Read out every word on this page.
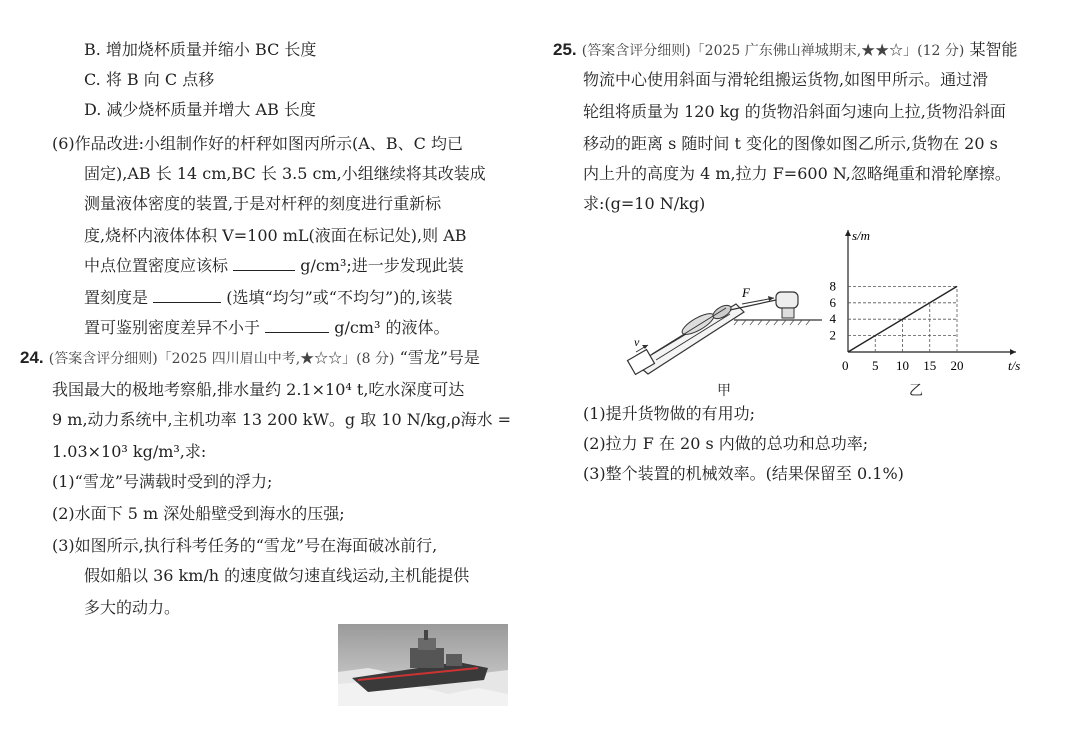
B. 增加烧杯质量并缩小 BC 长度
C. 将 B 向 C 点移
D. 减少烧杯质量并增大 AB 长度
(6)作品改进:小组制作好的杆秤如图丙所示(A、B、C 均已
固定),AB 长 14 cm,BC 长 3.5 cm,小组继续将其改装成
测量液体密度的装置,于是对杆秤的刻度进行重新标
度,烧杯内液体体积 V=100 mL(液面在标记处),则 AB
中点位置密度应该标	g/cm³;进一步发现此装
置刻度是	(选填“均匀”或“不均匀”)的,该装
置可鉴别密度差异不小于	g/cm³ 的液体。
24. (答案含评分细则)「2025 四川眉山中考,★☆☆」(8 分) “雪龙”号是
我国最大的极地考察船,排水量约 2.1×10⁴ t,吃水深度可达
9 m,动力系统中,主机功率 13 200 kW。g 取 10 N/kg,ρ海水 =
1.03×10³ kg/m³,求:
(1)“雪龙”号满载时受到的浮力;
(2)水面下 5 m 深处船壁受到海水的压强;
(3)如图所示,执行科考任务的“雪龙”号在海面破冰前行,
假如船以 36 km/h 的速度做匀速直线运动,主机能提供
多大的动力。
25. (答案含评分细则)「2025 广东佛山禅城期末,★★☆」(12 分) 某智能
物流中心使用斜面与滑轮组搬运货物,如图甲所示。通过滑
轮组将质量为 120 kg 的货物沿斜面匀速向上拉,货物沿斜面
移动的距离 s 随时间 t 变化的图像如图乙所示,货物在 20 s
内上升的高度为 4 m,拉力 F=600 N,忽略绳重和滑轮摩擦。
求:(g=10 N/kg)
F
v
甲
s/m
t/s
0
2
4
6
8
5 10 15 20
乙
(1)提升货物做的有用功;
(2)拉力 F 在 20 s 内做的总功和总功率;
(3)整个装置的机械效率。(结果保留至 0.1%)
